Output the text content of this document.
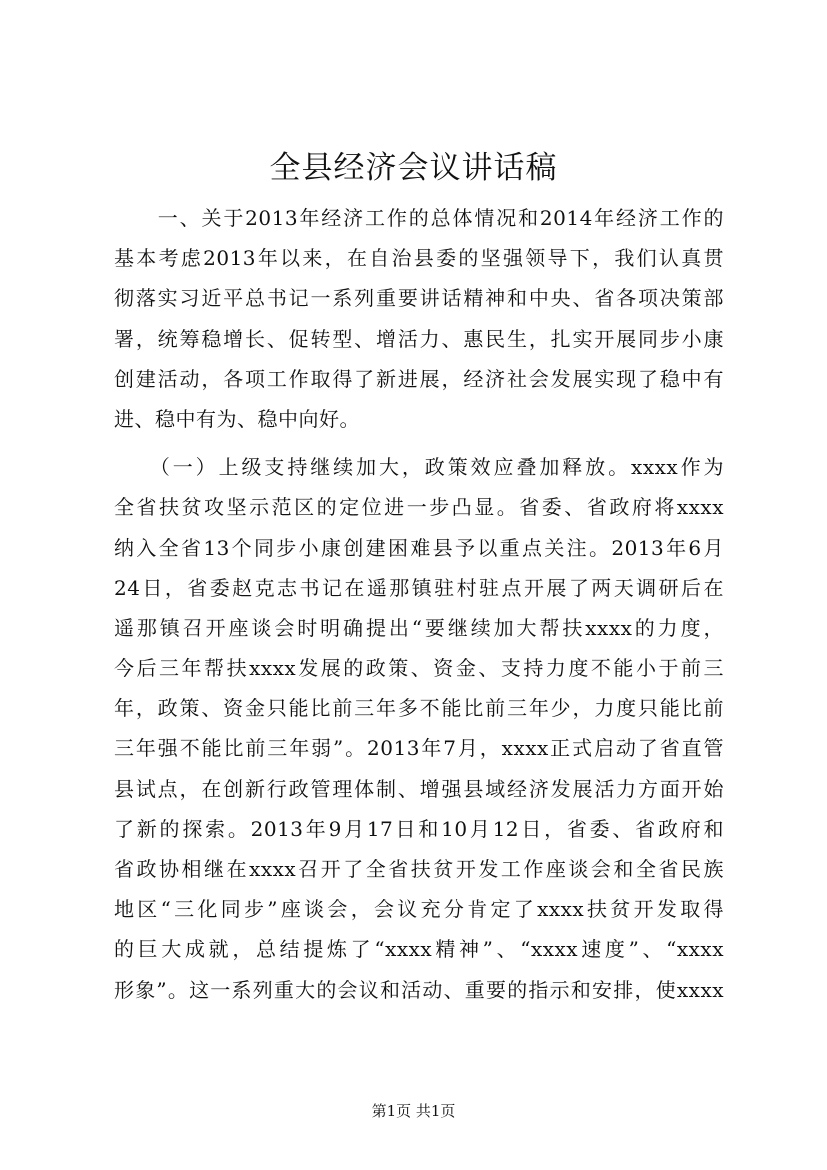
全县经济会议讲话稿
　　一、关于2013年经济工作的总体情况和2014年经济工作的
基本考虑2013年以来，在自治县委的坚强领导下，我们认真贯
彻落实习近平总书记一系列重要讲话精神和中央、省各项决策部
署，统筹稳增长、促转型、增活力、惠民生，扎实开展同步小康
创建活动，各项工作取得了新进展，经济社会发展实现了稳中有
进、稳中有为、稳中向好。
　　（一）上级支持继续加大，政策效应叠加释放。xxxx作为
全省扶贫攻坚示范区的定位进一步凸显。省委、省政府将xxxx
纳入全省13个同步小康创建困难县予以重点关注。2013年6月
24日，省委赵克志书记在遥那镇驻村驻点开展了两天调研后在
遥那镇召开座谈会时明确提出“要继续加大帮扶xxxx的力度，
今后三年帮扶xxxx发展的政策、资金、支持力度不能小于前三
年，政策、资金只能比前三年多不能比前三年少，力度只能比前
三年强不能比前三年弱”。2013年7月，xxxx正式启动了省直管
县试点，在创新行政管理体制、增强县域经济发展活力方面开始
了新的探索。2013年9月17日和10月12日，省委、省政府和
省政协相继在xxxx召开了全省扶贫开发工作座谈会和全省民族
地区“三化同步”座谈会，会议充分肯定了xxxx扶贫开发取得
的巨大成就，总结提炼了“xxxx精神”、“xxxx速度”、“xxxx
形象”。这一系列重大的会议和活动、重要的指示和安排，使xxxx
第1页 共1页
